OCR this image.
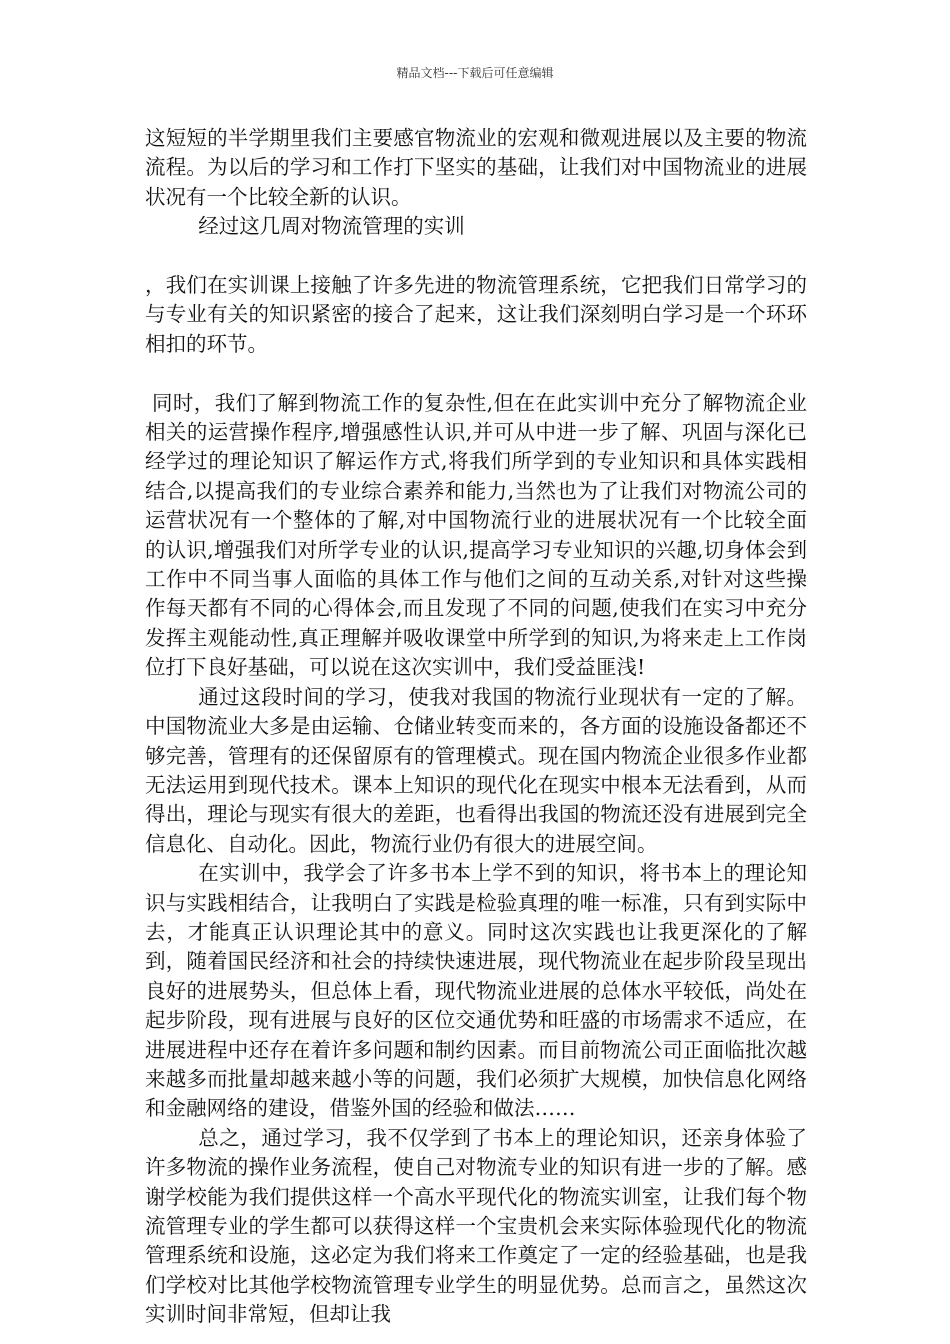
精品文档---下载后可任意编辑

这短短的半学期里我们主要感官物流业的宏观和微观进展以及主要的物流流程。为以后的学习和工作打下坚实的基础，让我们对中国物流业的进展状况有一个比较全新的认识。

经过这几周对物流管理的实训

，我们在实训课上接触了许多先进的物流管理系统，它把我们日常学习的与专业有关的知识紧密的接合了起来，这让我们深刻明白学习是一个环环相扣的环节。

同时，我们了解到物流工作的复杂性,但在在此实训中充分了解物流企业相关的运营操作程序,增强感性认识,并可从中进一步了解、巩固与深化已经学过的理论知识了解运作方式,将我们所学到的专业知识和具体实践相结合,以提高我们的专业综合素养和能力,当然也为了让我们对物流公司的运营状况有一个整体的了解,对中国物流行业的进展状况有一个比较全面的认识,增强我们对所学专业的认识,提高学习专业知识的兴趣,切身体会到工作中不同当事人面临的具体工作与他们之间的互动关系,对针对这些操作每天都有不同的心得体会,而且发现了不同的问题,使我们在实习中充分发挥主观能动性,真正理解并吸收课堂中所学到的知识,为将来走上工作岗位打下良好基础，可以说在这次实训中，我们受益匪浅!

通过这段时间的学习，使我对我国的物流行业现状有一定的了解。中国物流业大多是由运输、仓储业转变而来的，各方面的设施设备都还不够完善，管理有的还保留原有的管理模式。现在国内物流企业很多作业都无法运用到现代技术。课本上知识的现代化在现实中根本无法看到，从而得出，理论与现实有很大的差距，也看得出我国的物流还没有进展到完全信息化、自动化。因此，物流行业仍有很大的进展空间。

在实训中，我学会了许多书本上学不到的知识，将书本上的理论知识与实践相结合，让我明白了实践是检验真理的唯一标准，只有到实际中去，才能真正认识理论其中的意义。同时这次实践也让我更深化的了解到，随着国民经济和社会的持续快速进展，现代物流业在起步阶段呈现出良好的进展势头，但总体上看，现代物流业进展的总体水平较低，尚处在起步阶段，现有进展与良好的区位交通优势和旺盛的市场需求不适应，在进展进程中还存在着许多问题和制约因素。而目前物流公司正面临批次越来越多而批量却越来越小等的问题，我们必须扩大规模，加快信息化网络和金融网络的建设，借鉴外国的经验和做法……

总之，通过学习，我不仅学到了书本上的理论知识，还亲身体验了许多物流的操作业务流程，使自己对物流专业的知识有进一步的了解。感谢学校能为我们提供这样一个高水平现代化的物流实训室，让我们每个物流管理专业的学生都可以获得这样一个宝贵机会来实际体验现代化的物流管理系统和设施，这必定为我们将来工作奠定了一定的经验基础，也是我们学校对比其他学校物流管理专业学生的明显优势。总而言之，虽然这次实训时间非常短，但却让我
